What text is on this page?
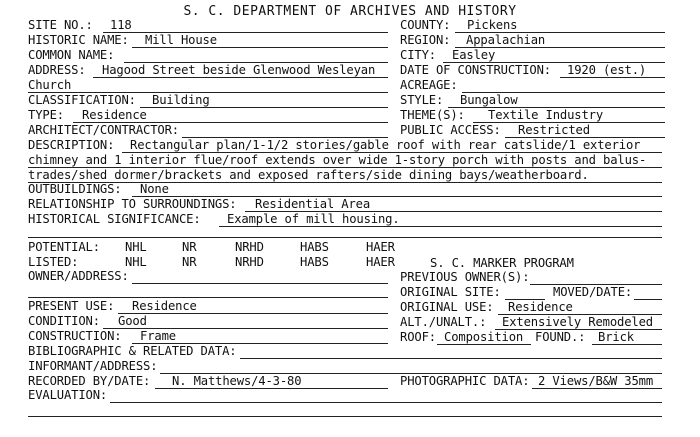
S. C. DEPARTMENT OF ARCHIVES AND HISTORY
SITE NO.: 118	COUNTY: Pickens
HISTORIC NAME: Mill House	REGION: Appalachian
COMMON NAME:	CITY: Easley
ADDRESS: Hagood Street beside Glenwood Wesleyan DATE OF CONSTRUCTION: 1920 (est.)
Church	ACREAGE:
CLASSIFICATION: Building	STYLE: Bungalow
TYPE: Residence	THEME(S): Textile Industry
ARCHITECT/CONTRACTOR:	PUBLIC ACCESS: Restricted
DESCRIPTION: Rectangular plan/1-1/2 stories/gable roof with rear catslide/1 exterior
chimney and 1 interior flue/roof extends over wide 1-story porch with posts and balus-
trades/shed dormer/brackets and exposed rafters/side dining bays/weatherboard.
OUTBUILDINGS: None
RELATIONSHIP TO SURROUNDINGS: Residential Area
HISTORICAL SIGNIFICANCE: Example of mill housing.
POTENTIAL: NHL	NR	NRHD	HABS	HAER
LISTED:	NHL	NR	NRHD	HABS	HAER	S. C. MARKER PROGRAM
OWNER/ADDRESS:	PREVIOUS OWNER(S):
ORIGINAL SITE:	MOVED/DATE:
PRESENT USE: Residence	ORIGINAL USE: Residence
CONDITION: Good	ALT./UNALT.: Extensively Remodeled
CONSTRUCTION: Frame	ROOF: Composition FOUND.: Brick
BIBLIOGRAPHIC & RELATED DATA:
INFORMANT/ADDRESS:
RECORDED BY/DATE: N. Matthews/4-3-80	PHOTOGRAPHIC DATA: 2 Views/B&W 35mm
EVALUATION:
